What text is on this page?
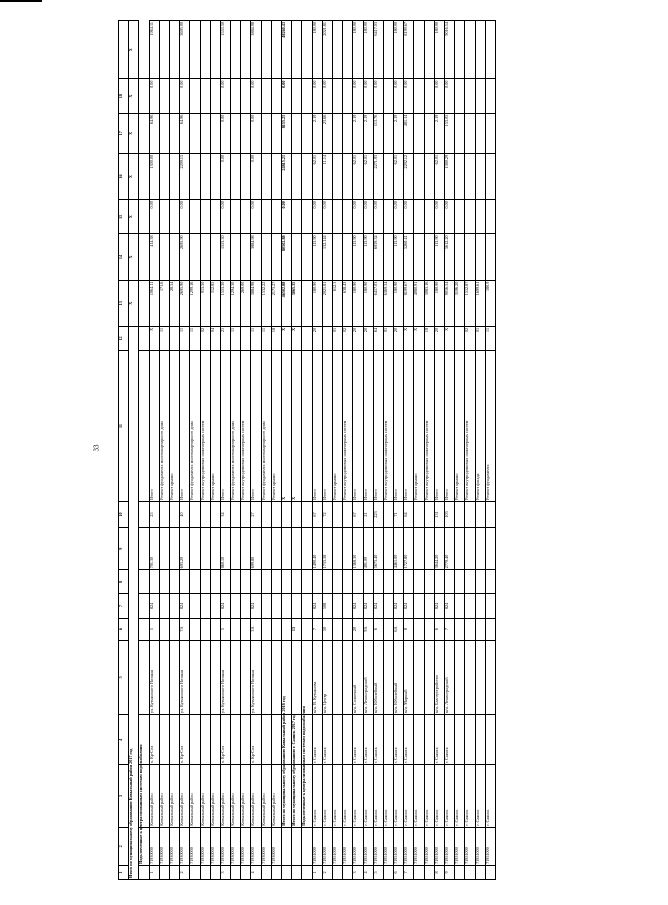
33
1	2	3	4	5	6	7	8	9	10	11	12	13	14	15	16	17	18	
Итого по муниципальному образованию Ковыльный район 2017 год												X	X	X	X	X	X	X
	Подключенные к централизованным системам водоснабжения																	
1	71930000	Ковыльный район	п. Кр-Сол	ул. Кутьянского Низшая	5	824		701.30	25	Итого	X	1064.11	414.38	0.00	1300.00	64.96	0.00	1064.11
	71930000	Ковыльный район								Ремонт фундамента многоквартирного дома	11	171.6						
	71930000	Ковыльный район								Ремонт крыши		28.54						
2	71930000	Ковыльный район	п. Кр-Сол	ул. Кутьянского Низшая	7А	824		693.20	40	Итого	11	2695.90	2695.90	0.00	2299.15	64.96	0.00	3695.90
	71930000	Ковыльный район								Ремонт фундамента многоквартирного дома	11	1299.16						
	71930000	Ковыльный район								Ремонт внутридомовых инженерных систем	02	913.50						
	71930000	Ковыльный район								Ремонт крыши	04	312.85						
3	71930000	Ковыльный район	п. Кр-Сол	ул. Кутьянского Низшая	5	824		860.10	34	Итого	21	1553.30	1553.30	0.00	0.00	0.00	0.00	1553.30
	71930000	Ковыльный район								Ремонт фундамента многоквартирного дома	11	1294.30						
	71930000	Ковыльный район								Ремонт внутридомовых инженерных систем		269.00						
4	71930000	Ковыльный район	п. Кр-Сол	ул. Кутьянского Низшая	3А	824		699.80	27	Итого	11	3884.98	3884.98	0.00	0.00	0.00	0.00	3884.98
	71930000	Ковыльный район								Ремонт фундамента многоквартирного дома	11	1532.22						
	71930000	Ковыльный район								Ремонт крыши	18	2173.27						
		Итого по муниципальному образованию Ковыльный район 2018 год								X	X	46502.88	80502.88	0.00	24815.21	8155.25	0.00	48260.43
		Итого по муниципальному образованию г. Саянск 2017 год			13					X	X	3065.35						
		Подключенные к централизованным системам водоснабжения																
1	71951000	г. Саянск	г. Саянск	м/н. В. Кутьянова	7	824		1490.40	67	Итого	20	180.90	113.90	0.00	62.01	2.19	0.00	180.90
2	71951000	г. Саянск	г. Саянск	м/н. Центр	50	508		1733.58	72	Итого		2021.81	132.144	0.00	11.14	23.66	0.00	2021.81
	71951000	г. Саянск								Ремонт крыши	01	612.3						
	71951000	г. Саянск								Ремонт внутридомовых инженерных систем	02	638.43						
3	71951000	г. Саянск	г. Саянск	м/н. Солнечный	20	824		1368.30	67	Итого	20	180.90	113.90	0.00	62.01	2.19	0.00	180.90
4	71951000	г. Саянск	г. Саянск	м/н. Ленинградский	9А	824		401.00	21	Итого	20	180.90	113.90	0.00	62.01	2.19	0.00	180.90
5	71951000	г. Саянск	г. Саянск	м/н. Юбилейный	6	824		5673.40	223	Итого	64	6417.03	6059.34	0.00	2271.93	113.76	0.00	6417.03
	71951000	г. Саянск								Ремонт внутридомовых инженерных систем	01	6369.34						
6	71951000	г. Саянск	г. Саянск	м/н. Юбилейный	6А	824		4461.00	71	Итого	20	180.90	113.90	0.00	62.01	2.19	0.00	180.90
7	71951000	г. Саянск	г. Саянск	м/н. Мирный	8	824		1727.80	64	Итого	X	8199.67	5260.41	0.00	2292.12	481.14	0.00	8199.67
	71951000	г. Саянск								Ремонт крыши	X	4080.91						
	71951000	г. Саянск								Ремонт внутридомовых инженерных систем	18	3083.16						
8	71951000	г. Саянск	г. Саянск	м/н. Благоустройство	6	824		3644.20	131	Итого	20	180.90	113.90	0.00	62.01	2.19	0.00	180.90
9	71951000	г. Саянск	г. Саянск	м/н. Ленинградский	7	824		2779.40	103	Итого	X	9016.54	5612.20	0.00	1380.29	153.05	0.00	9016.54
	71951000	г. Саянск								Ремонт крыши		3106.20						
	71951000	г. Саянск								Ремонт внутридомовых инженерных систем	02	1512.87						
	71951000	г. Саянск								Ремонт фасада	01	1699.61						
	71951000	г. Саянск								Ремонт фундамента	11	180.9						
